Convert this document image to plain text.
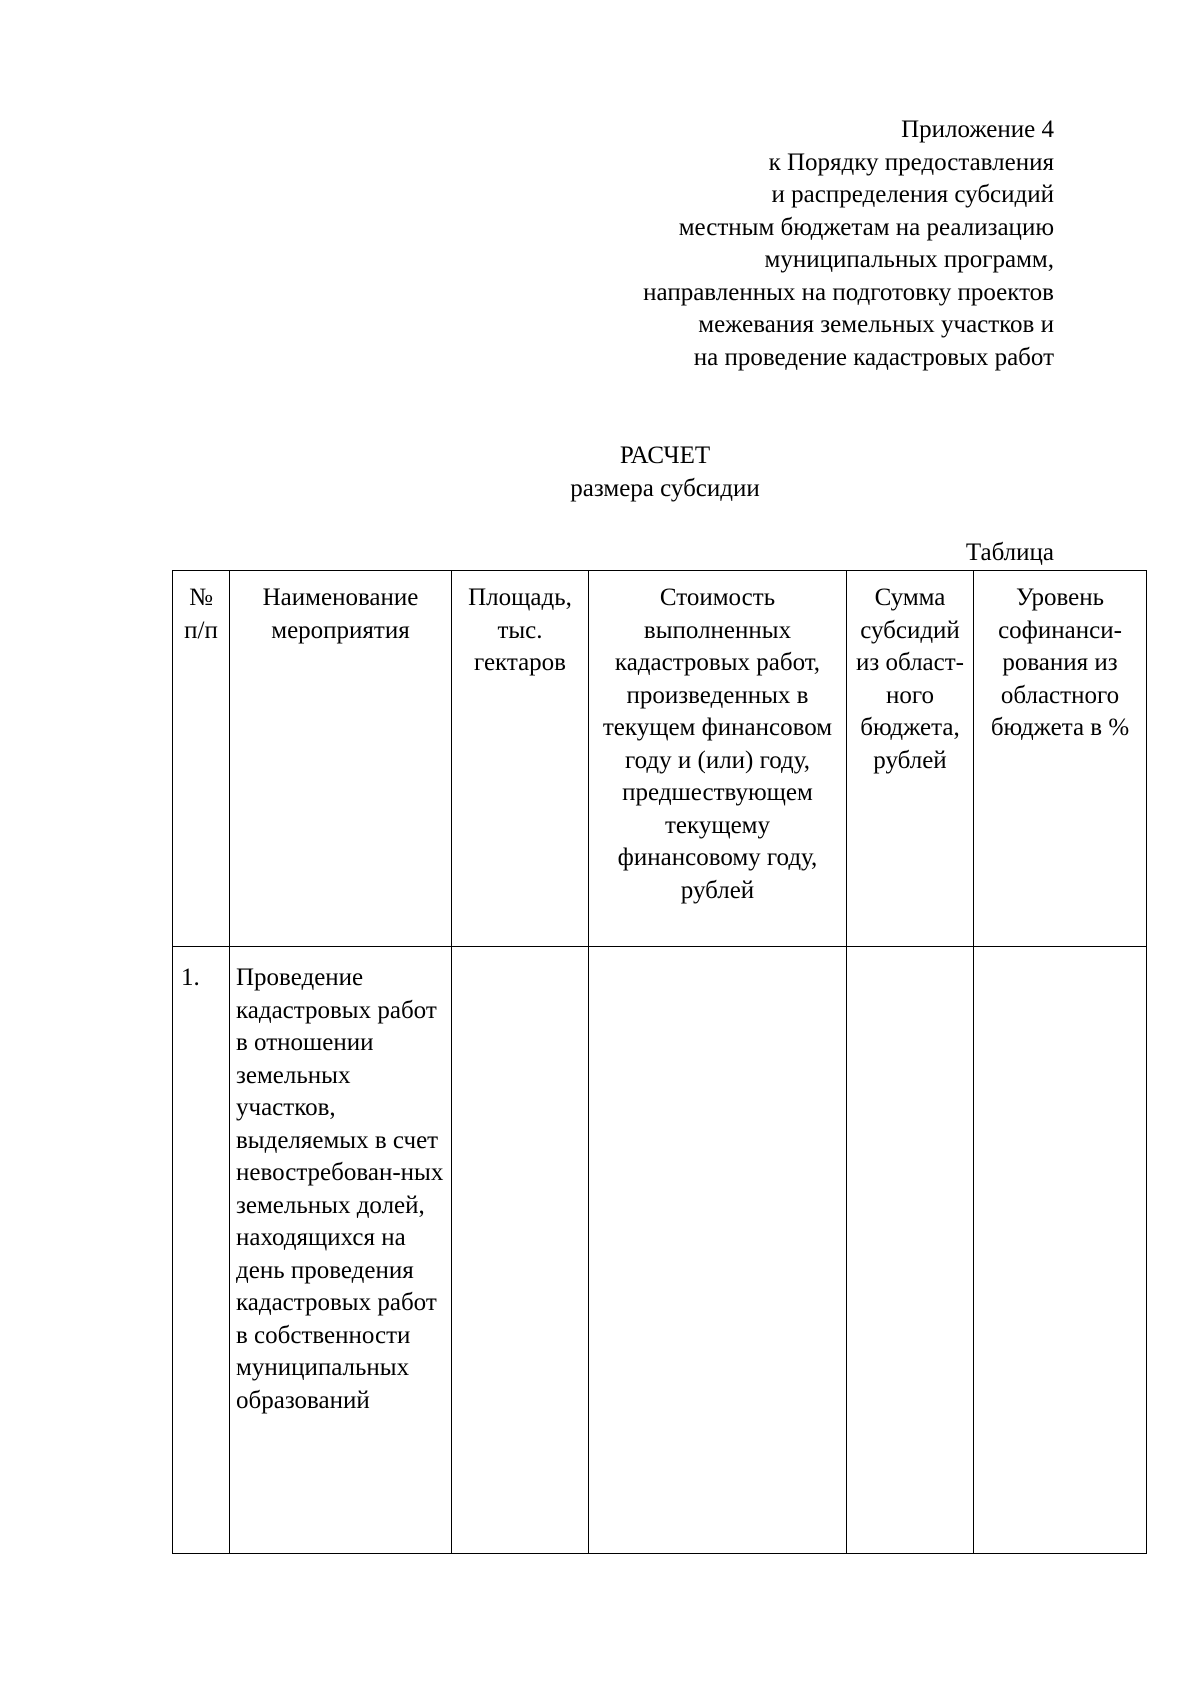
Приложение 4
к Порядку предоставления
и распределения субсидий
местным бюджетам на реализацию
муниципальных программ,
направленных на подготовку проектов
межевания земельных участков и
на проведение кадастровых работ
РАСЧЕТ
размера субсидии
Таблица
№ п/п	Наименование мероприятия	Площадь, тыс. гектаров	Стоимость выполненных кадастровых работ, произведенных в текущем финансовом году и (или) году, предшествующем текущему финансовому году, рублей	Сумма субсидий из област-ного бюджета, рублей	Уровень софинанси-рования из областного бюджета в %
1.	Проведение кадастровых работ в отношении земельных участков, выделяемых в счет невостребован-ных земельных долей, находящихся на день проведения кадастровых работ в собственности муниципальных образований				
